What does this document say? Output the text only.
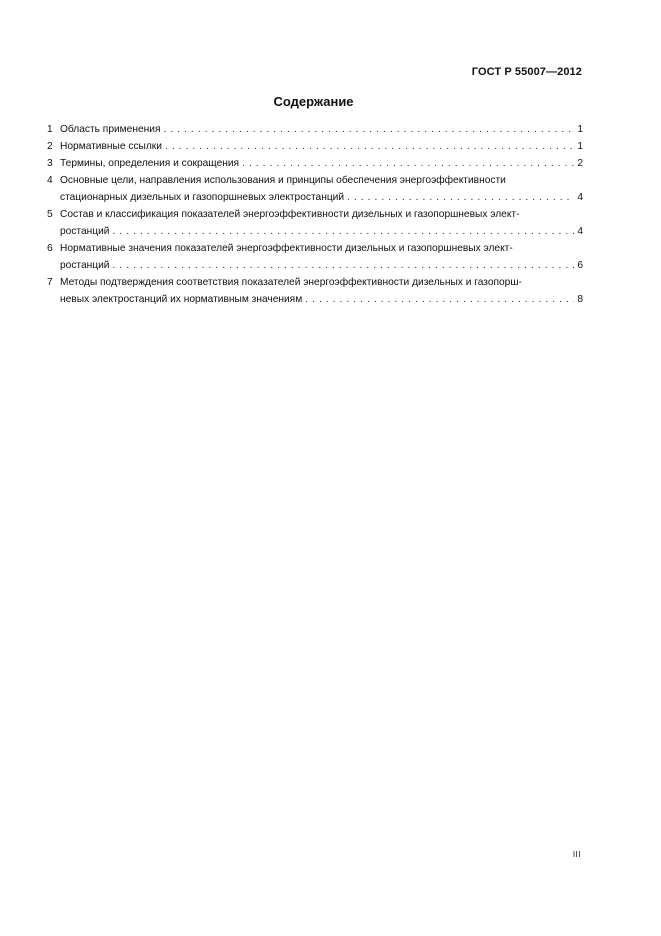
ГОСТ Р 55007—2012
Содержание
1 Область применения . . .	1
2 Нормативные ссылки . . .	1
3 Термины, определения и сокращения . . .	2
4 Основные цели, направления использования и принципы обеспечения энергоэффективности
стационарных дизельных и газопоршневых электростанций . . .	4
5 Состав и классификация показателей энергоэффективности дизельных и газопоршневых элект-
ростанций . . .	4
6 Нормативные значения показателей энергоэффективности дизельных и газопоршневых элект-
ростанций . . .	6
7 Методы подтверждения соответствия показателей энергоэффективности дизельных и газопорш-
невых электростанций их нормативным значениям . . .	8
III
